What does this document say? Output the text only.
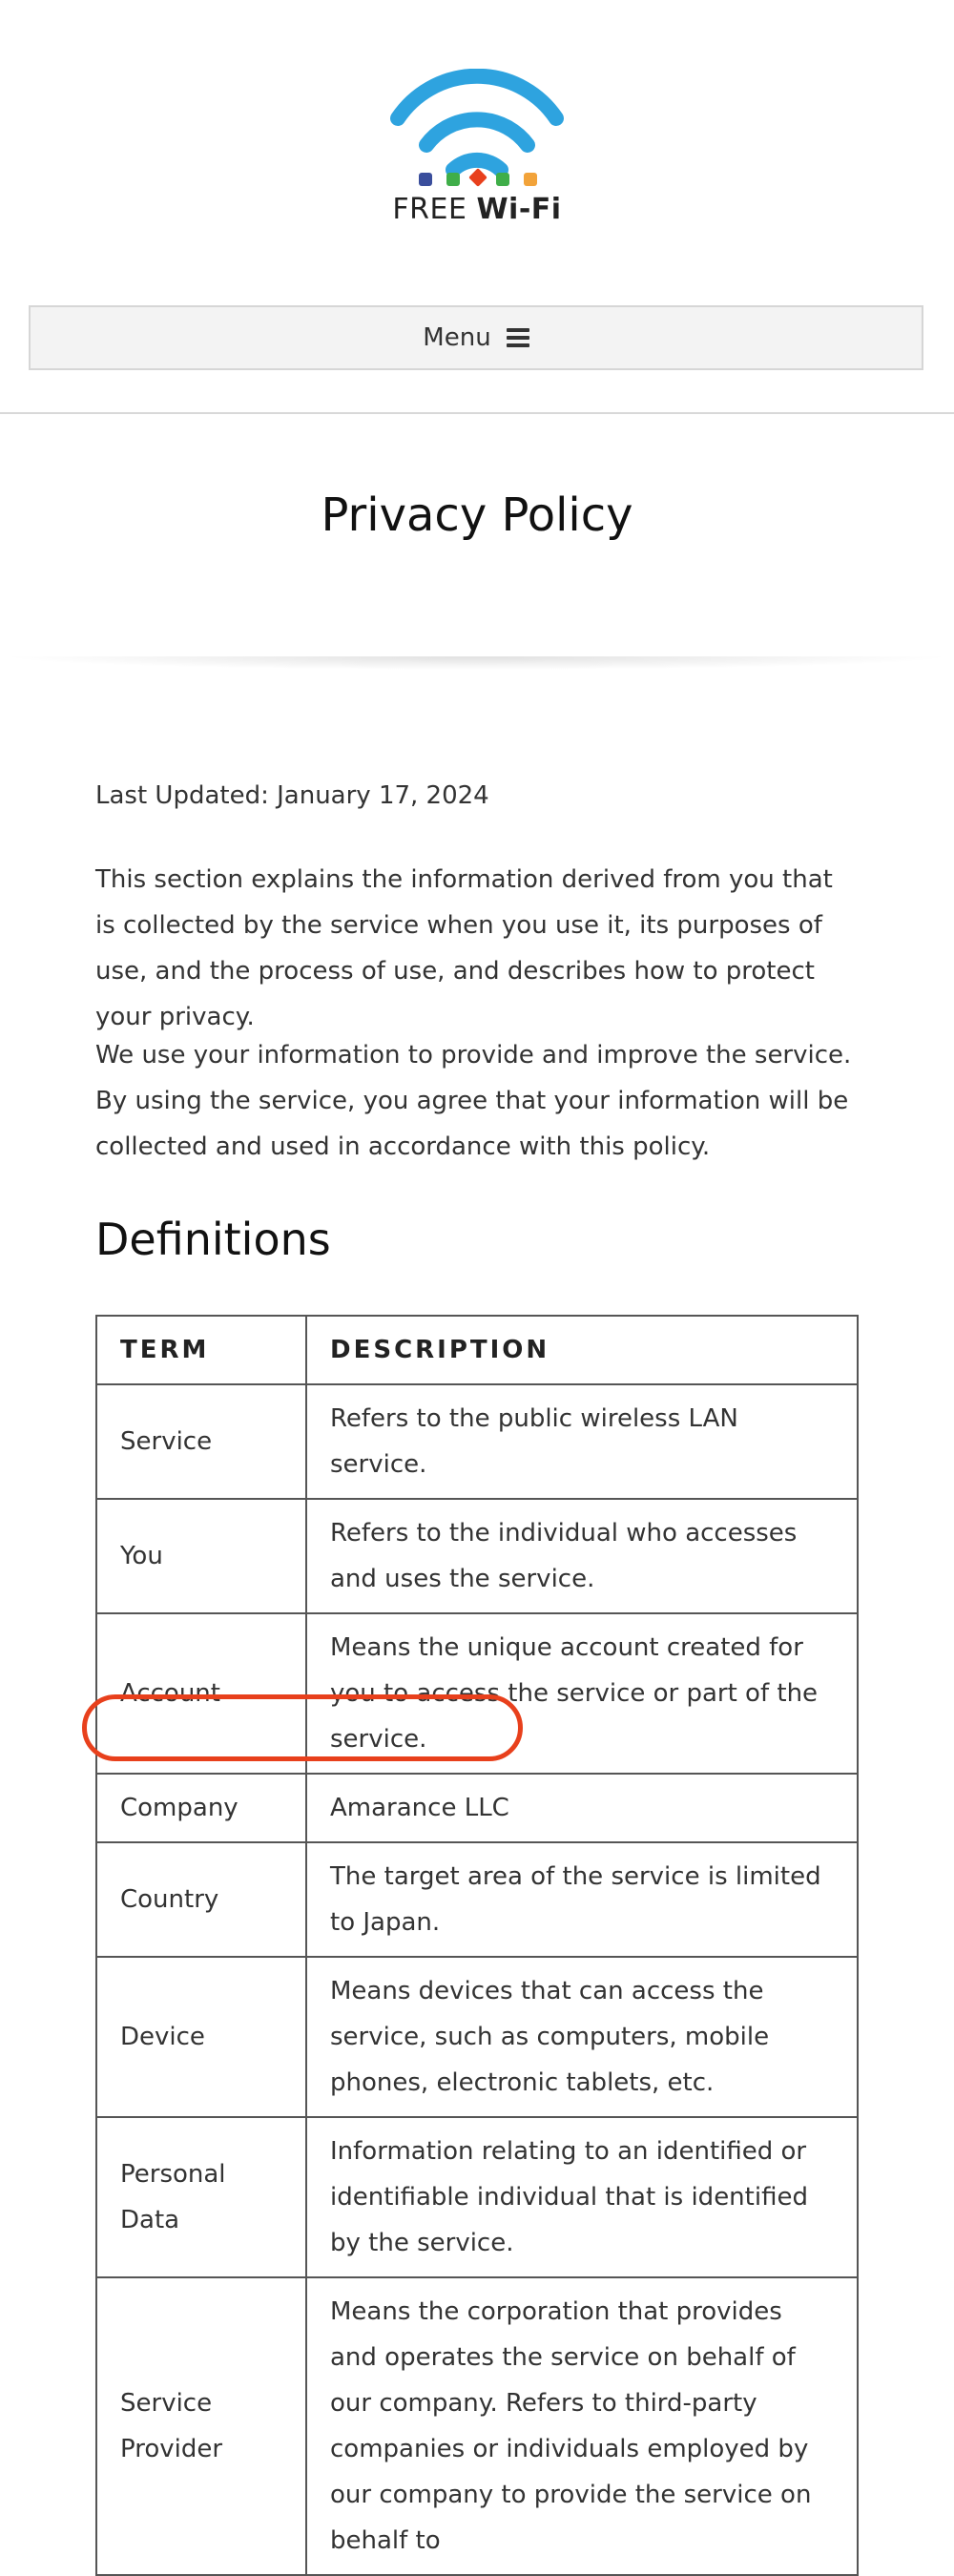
FREE Wi-Fi
Menu
Privacy Policy

Last Updated: January 17, 2024

This section explains the information derived from you that is collected by the service when you use it, its purposes of use, and the process of use, and describes how to protect your privacy.

We use your information to provide and improve the service. By using the service, you agree that your information will be collected and used in accordance with this policy.

Definitions
TERM	DESCRIPTION
Service	Refers to the public wireless LAN service.
You	Refers to the individual who accesses and uses the service.
Account	Means the unique account created for you to access the service or part of the service.
Company	Amarance LLC
Country	The target area of the service is limited to Japan.
Device	Means devices that can access the service, such as computers, mobile phones, electronic tablets, etc.
Personal Data	Information relating to an identified or identifiable individual that is identified by the service.
Service Provider	Means the corporation that provides and operates the service on behalf of our company. Refers to third-party companies or individuals employed by our company to provide the service on behalf to
